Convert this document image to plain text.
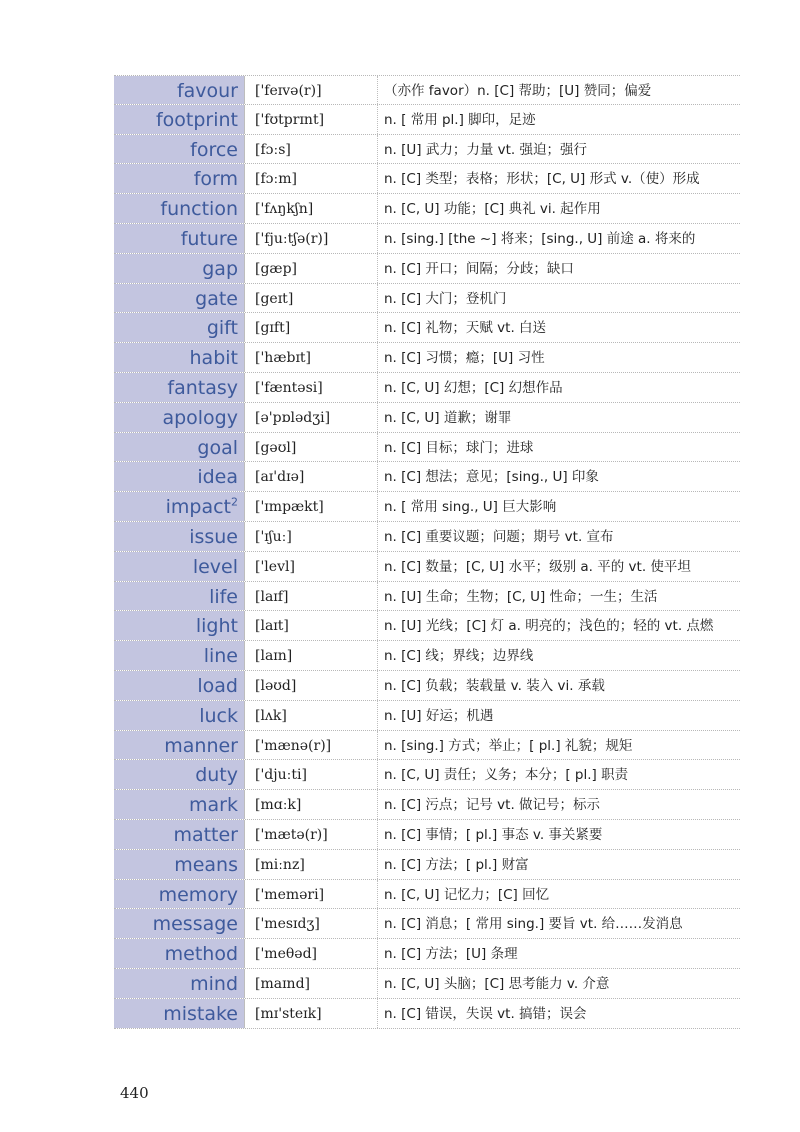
favour	['feɪvə(r)]	（亦作 favor）n. [C] 帮助；[U] 赞同；偏爱
footprint	['fʊtprɪnt]	n. [ 常用 pl.] 脚印，足迹
force	[fɔːs]	n. [U] 武力；力量 vt. 强迫；强行
form	[fɔːm]	n. [C] 类型；表格；形状；[C, U] 形式 v.（使）形成
function	['fʌŋkʃn]	n. [C, U] 功能；[C] 典礼 vi. 起作用
future	['fjuːtʃə(r)]	n. [sing.] [the ~] 将来；[sing., U] 前途 a. 将来的
gap	[gæp]	n. [C] 开口；间隔；分歧；缺口
gate	[geɪt]	n. [C] 大门；登机门
gift	[gɪft]	n. [C] 礼物；天赋 vt. 白送
habit	['hæbɪt]	n. [C] 习惯；瘾；[U] 习性
fantasy	['fæntəsi]	n. [C, U] 幻想；[C] 幻想作品
apology	[ə'pɒlədʒi]	n. [C, U] 道歉；谢罪
goal	[gəʊl]	n. [C] 目标；球门；进球
idea	[aɪ'dɪə]	n. [C] 想法；意见；[sing., U] 印象
impact$^2$	['ɪmpækt]	n. [ 常用 sing., U] 巨大影响
issue	['ɪʃuː]	n. [C] 重要议题；问题；期号 vt. 宣布
level	['levl]	n. [C] 数量；[C, U] 水平；级别 a. 平的 vt. 使平坦
life	[laɪf]	n. [U] 生命；生物；[C, U] 性命；一生；生活
light	[laɪt]	n. [U] 光线；[C] 灯 a. 明亮的；浅色的；轻的 vt. 点燃
line	[laɪn]	n. [C] 线；界线；边界线
load	[ləʊd]	n. [C] 负载；装载量 v. 装入 vi. 承载
luck	[lʌk]	n. [U] 好运；机遇
manner	['mænə(r)]	n. [sing.] 方式；举止；[ pl.] 礼貌；规矩
duty	['djuːti]	n. [C, U] 责任；义务；本分；[ pl.] 职责
mark	[mɑːk]	n. [C] 污点；记号 vt. 做记号；标示
matter	['mætə(r)]	n. [C] 事情；[ pl.] 事态 v. 事关紧要
means	[miːnz]	n. [C] 方法；[ pl.] 财富
memory	['meməri]	n. [C, U] 记忆力；[C] 回忆
message	['mesɪdʒ]	n. [C] 消息；[ 常用 sing.] 要旨 vt. 给……发消息
method	['meθəd]	n. [C] 方法；[U] 条理
mind	[maɪnd]	n. [C, U] 头脑；[C] 思考能力 v. 介意
mistake	[mɪ'steɪk]	n. [C] 错误，失误 vt. 搞错；误会
440
